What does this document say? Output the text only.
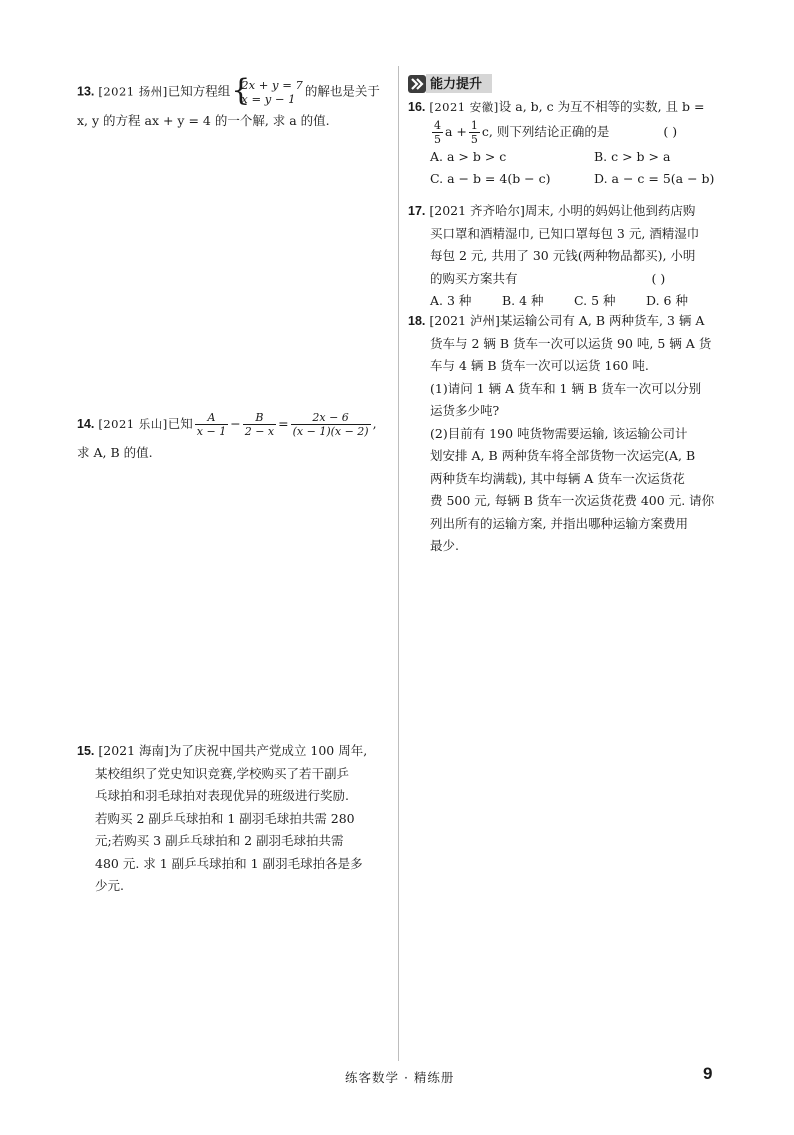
13. [2021 扬州]已知方程组 {
2x + y = 7
x = y − 1
的解也是关于
x, y 的方程 ax + y = 4 的一个解, 求 a 的值.
14. [2021 乐山]已知 $\frac{A}{x - 1} - \frac{B}{2 - x} = \frac{2x - 6}{(x - 1)(x - 2)}$ ,
求 A, B 的值.
15. [2021 海南]为了庆祝中国共产党成立 100 周年,
某校组织了党史知识竞赛,学校购买了若干副乒
乓球拍和羽毛球拍对表现优异的班级进行奖励.
若购买 2 副乒乓球拍和 1 副羽毛球拍共需 280
元;若购买 3 副乒乓球拍和 2 副羽毛球拍共需
480 元. 求 1 副乒乓球拍和 1 副羽毛球拍各是多
少元.
能力提升
16. [2021 安徽]设 a, b, c 为互不相等的实数, 且 b =
$\frac{4}{5}$ $a + \frac{1}{5} c$, 则下列结论正确的是	( )
A. a > b > c	B. c > b > a
C. a − b = 4(b − c)	D. a − c = 5(a − b)
17. [2021 齐齐哈尔]周末, 小明的妈妈让他到药店购
买口罩和酒精湿巾, 已知口罩每包 3 元, 酒精湿巾
每包 2 元, 共用了 30 元钱(两种物品都买), 小明
的购买方案共有	( )
A. 3 种	B. 4 种	C. 5 种	D. 6 种
18. [2021 泸州]某运输公司有 A, B 两种货车, 3 辆 A
货车与 2 辆 B 货车一次可以运货 90 吨, 5 辆 A 货
车与 4 辆 B 货车一次可以运货 160 吨.
(1)请问 1 辆 A 货车和 1 辆 B 货车一次可以分别
运货多少吨?
(2)目前有 190 吨货物需要运输, 该运输公司计
划安排 A, B 两种货车将全部货物一次运完(A, B
两种货车均满载), 其中每辆 A 货车一次运货花
费 500 元, 每辆 B 货车一次运货花费 400 元. 请你
列出所有的运输方案, 并指出哪种运输方案费用
最少.
练客数学 · 精练册	9
